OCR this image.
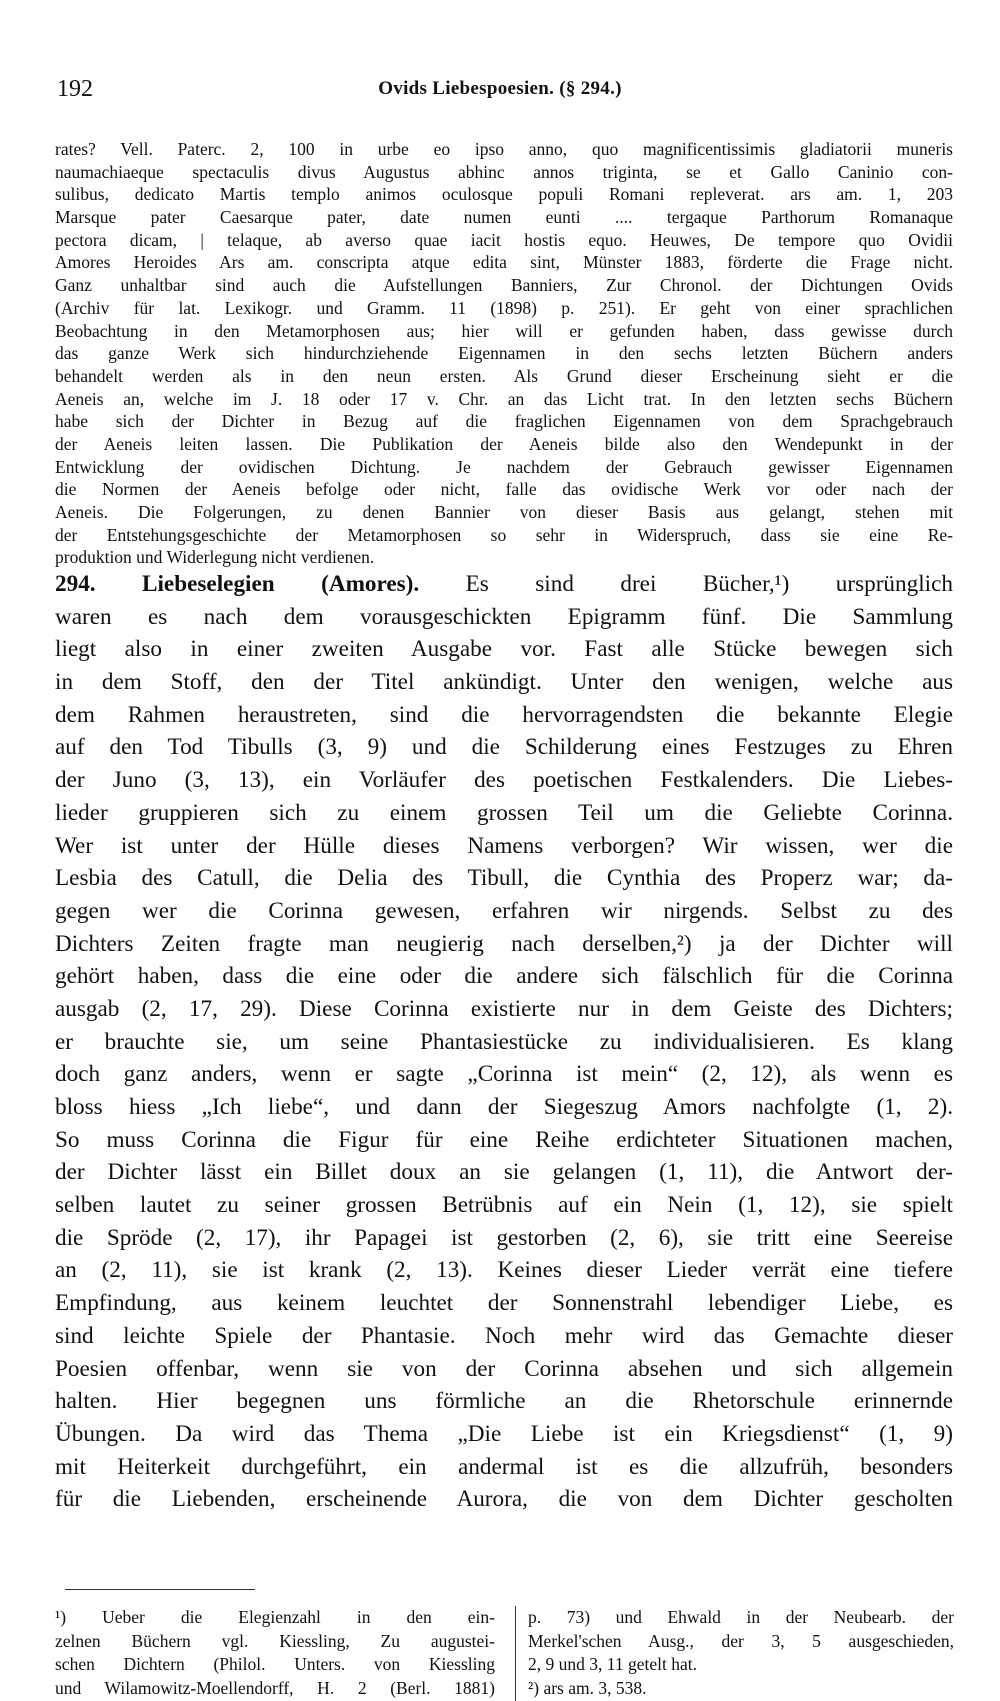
192	Ovids Liebespoesien. (§ 294.)
rates? Vell. Paterc. 2, 100 in urbe eo ipso anno, quo magnificentissimis gladiatorii muneris
naumachiaeque spectaculis divus Augustus abhinc annos triginta, se et Gallo Caninio con-
sulibus, dedicato Martis templo animos oculosque populi Romani repleverat. ars am. 1, 203
Marsque pater Caesarque pater, date numen eunti .... tergaque Parthorum Romanaque
pectora dicam, | telaque, ab averso quae iacit hostis equo. Heuwes, De tempore quo Ovidii
Amores Heroides Ars am. conscripta atque edita sint, Münster 1883, förderte die Frage nicht.
Ganz unhaltbar sind auch die Aufstellungen Banniers, Zur Chronol. der Dichtungen Ovids
(Archiv für lat. Lexikogr. und Gramm. 11 (1898) p. 251). Er geht von einer sprachlichen
Beobachtung in den Metamorphosen aus; hier will er gefunden haben, dass gewisse durch
das ganze Werk sich hindurchziehende Eigennamen in den sechs letzten Büchern anders
behandelt werden als in den neun ersten. Als Grund dieser Erscheinung sieht er die
Aeneis an, welche im J. 18 oder 17 v. Chr. an das Licht trat. In den letzten sechs Büchern
habe sich der Dichter in Bezug auf die fraglichen Eigennamen von dem Sprachgebrauch
der Aeneis leiten lassen. Die Publikation der Aeneis bilde also den Wendepunkt in der
Entwicklung der ovidischen Dichtung. Je nachdem der Gebrauch gewisser Eigennamen
die Normen der Aeneis befolge oder nicht, falle das ovidische Werk vor oder nach der
Aeneis. Die Folgerungen, zu denen Bannier von dieser Basis aus gelangt, stehen mit
der Entstehungsgeschichte der Metamorphosen so sehr in Widerspruch, dass sie eine Re-
produktion und Widerlegung nicht verdienen.
294. Liebeselegien (Amores). Es sind drei Bücher,¹) ursprünglich
waren es nach dem vorausgeschickten Epigramm fünf. Die Sammlung
liegt also in einer zweiten Ausgabe vor. Fast alle Stücke bewegen sich
in dem Stoff, den der Titel ankündigt. Unter den wenigen, welche aus
dem Rahmen heraustreten, sind die hervorragendsten die bekannte Elegie
auf den Tod Tibulls (3, 9) und die Schilderung eines Festzuges zu Ehren
der Juno (3, 13), ein Vorläufer des poetischen Festkalenders. Die Liebes-
lieder gruppieren sich zu einem grossen Teil um die Geliebte Corinna.
Wer ist unter der Hülle dieses Namens verborgen? Wir wissen, wer die
Lesbia des Catull, die Delia des Tibull, die Cynthia des Properz war; da-
gegen wer die Corinna gewesen, erfahren wir nirgends. Selbst zu des
Dichters Zeiten fragte man neugierig nach derselben,²) ja der Dichter will
gehört haben, dass die eine oder die andere sich fälschlich für die Corinna
ausgab (2, 17, 29). Diese Corinna existierte nur in dem Geiste des Dichters;
er brauchte sie, um seine Phantasiestücke zu individualisieren. Es klang
doch ganz anders, wenn er sagte „Corinna ist mein“ (2, 12), als wenn es
bloss hiess „Ich liebe“, und dann der Siegeszug Amors nachfolgte (1, 2).
So muss Corinna die Figur für eine Reihe erdichteter Situationen machen,
der Dichter lässt ein Billet doux an sie gelangen (1, 11), die Antwort der-
selben lautet zu seiner grossen Betrübnis auf ein Nein (1, 12), sie spielt
die Spröde (2, 17), ihr Papagei ist gestorben (2, 6), sie tritt eine Seereise
an (2, 11), sie ist krank (2, 13). Keines dieser Lieder verrät eine tiefere
Empfindung, aus keinem leuchtet der Sonnenstrahl lebendiger Liebe, es
sind leichte Spiele der Phantasie. Noch mehr wird das Gemachte dieser
Poesien offenbar, wenn sie von der Corinna absehen und sich allgemein
halten. Hier begegnen uns förmliche an die Rhetorschule erinnernde
Übungen. Da wird das Thema „Die Liebe ist ein Kriegsdienst“ (1, 9)
mit Heiterkeit durchgeführt, ein andermal ist es die allzufrüh, besonders
für die Liebenden, erscheinende Aurora, die von dem Dichter gescholten
¹) Ueber die Elegienzahl in den ein-
zelnen Büchern vgl. Kiessling, Zu augustei-
schen Dichtern (Philol. Unters. von Kiessling
und Wilamowitz-Moellendorff, H. 2 (Berl. 1881)
p. 73) und Ehwald in der Neubearb. der
Merkel'schen Ausg., der 3, 5 ausgeschieden,
2, 9 und 3, 11 getelt hat.
²) ars am. 3, 538.
